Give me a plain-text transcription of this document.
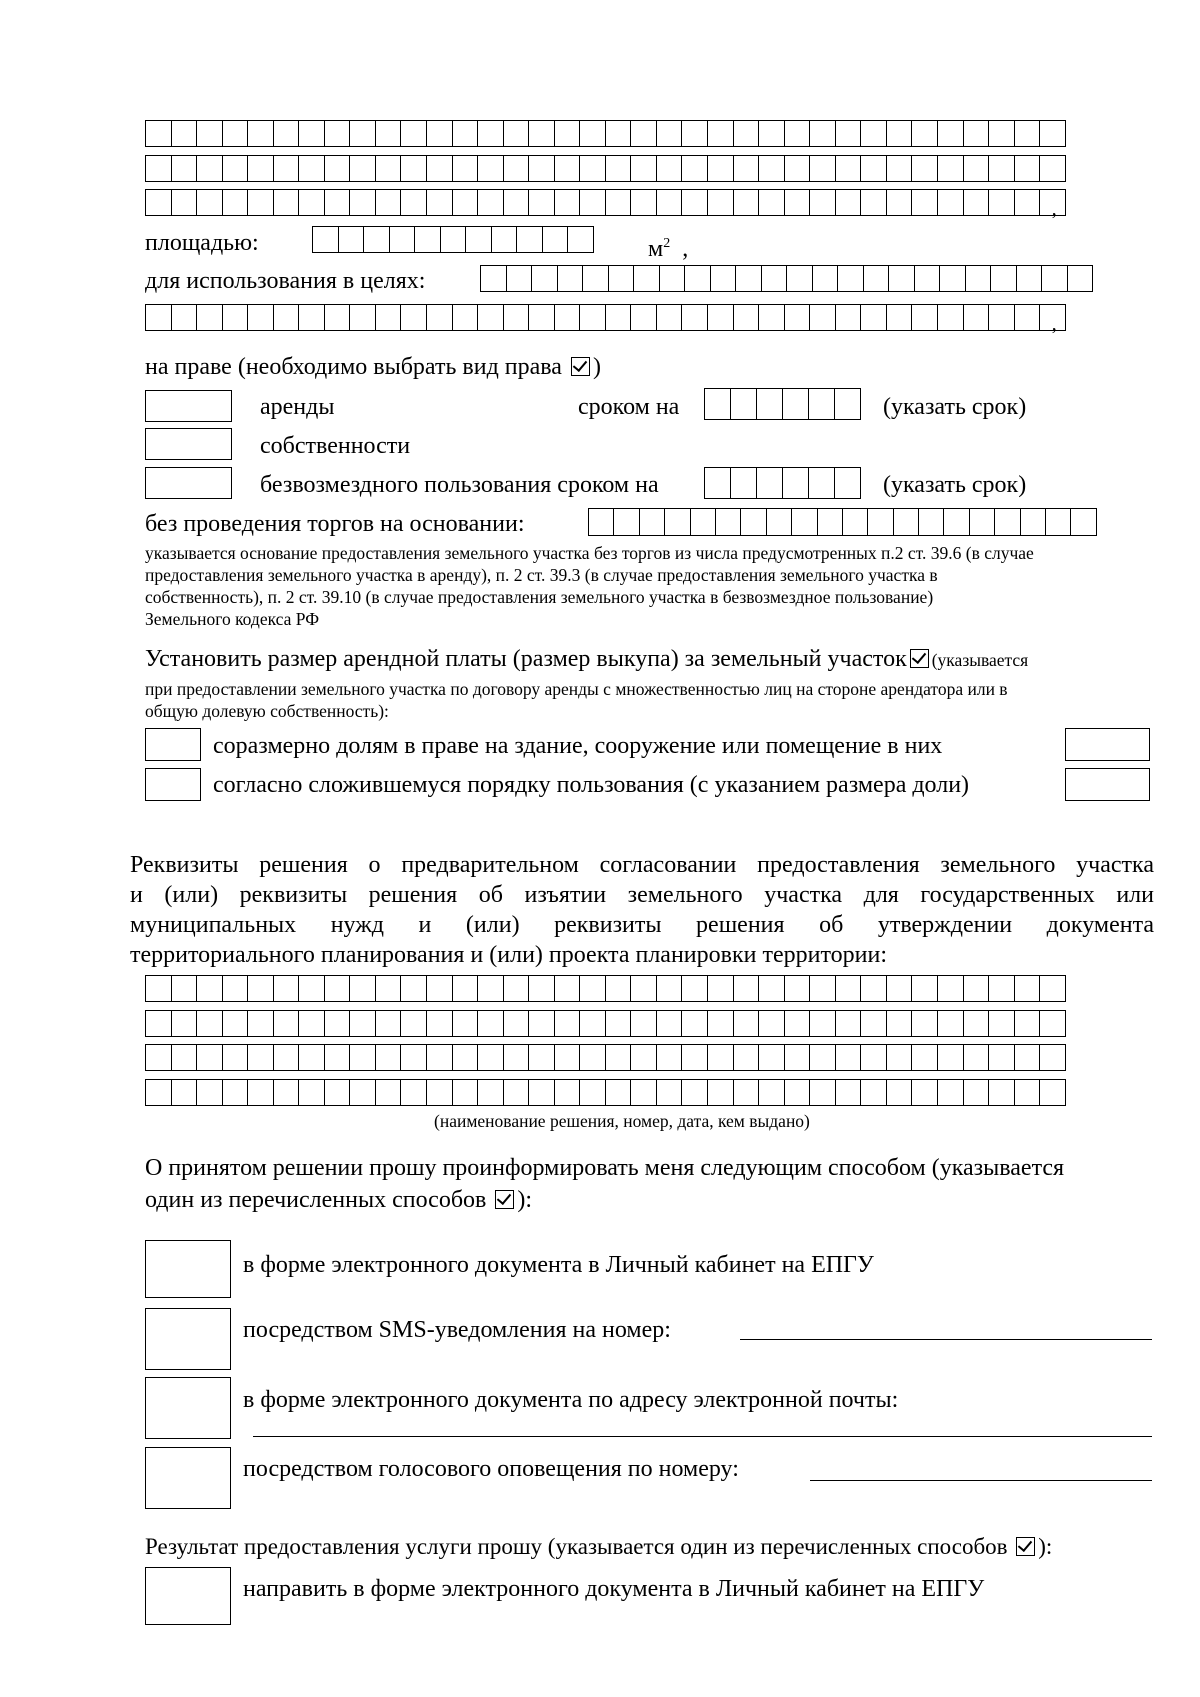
,
площадью:	$м^2$ ,
для использования в целях:
,
на праве (необходимо выбрать вид права )
аренды	сроком на	(указать срок)
собственности
безвозмездного пользования сроком на	(указать срок)
без проведения торгов на основании:
указывается основание предоставления земельного участка без торгов из числа предусмотренных п.2 ст. 39.6 (в случае
предоставления земельного участка в аренду), п. 2 ст. 39.3 (в случае предоставления земельного участка в
собственность), п. 2 ст. 39.10 (в случае предоставления земельного участка в безвозмездное пользование)
Земельного кодекса РФ
Установить размер арендной платы (размер выкупа) за земельный участок (указывается
при предоставлении земельного участка по договору аренды с множественностью лиц на стороне арендатора или в
общую долевую собственность):
соразмерно долям в праве на здание, сооружение или помещение в них
согласно сложившемуся порядку пользования (с указанием размера доли)
Реквизиты решения о предварительном согласовании предоставления земельного участка
и (или) реквизиты решения об изъятии земельного участка для государственных или
муниципальных нужд и (или) реквизиты решения об утверждении документа
территориального планирования и (или) проекта планировки территории:
(наименование решения, номер, дата, кем выдано)
О принятом решении прошу проинформировать меня следующим способом (указывается
один из перечисленных способов ):
в форме электронного документа в Личный кабинет на ЕПГУ
посредством SMS-уведомления на номер:
в форме электронного документа по адресу электронной почты:
посредством голосового оповещения по номеру:
Результат предоставления услуги прошу (указывается один из перечисленных способов ):
направить в форме электронного документа в Личный кабинет на ЕПГУ
